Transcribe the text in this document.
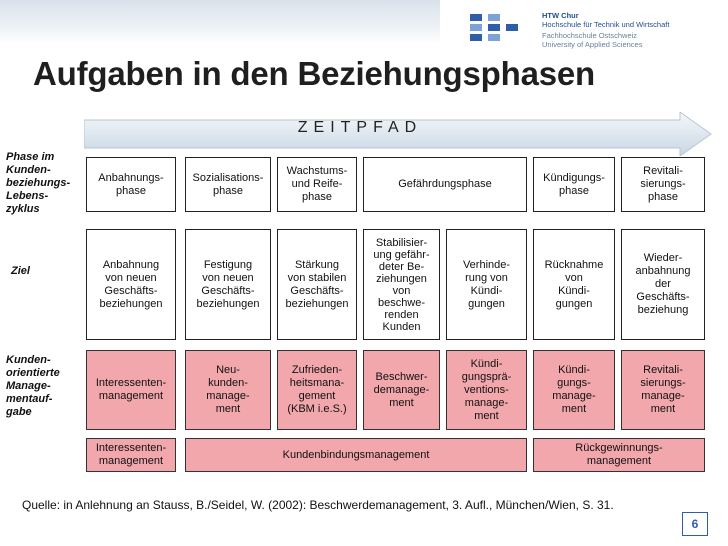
HTW Chur
Hochschule für Technik und Wirtschaft
Fachhochschule Ostschweiz
University of Applied Sciences
Aufgaben in den Beziehungsphasen
ZEITPFAD
Phase im
Kunden-
beziehungs-
Lebens-
zyklus
Ziel
Kunden-
orientierte
Manage-
mentauf-
gabe
Anbahnungs-
phase
Sozialisations-
phase
Wachstums-
und Reife-
phase
Gefährdungsphase
Kündigungs-
phase
Revitali-
sierungs-
phase
Anbahnung
von neuen
Geschäfts-
beziehungen
Festigung
von neuen
Geschäfts-
beziehungen
Stärkung
von stabilen
Geschäfts-
beziehungen
Stabilisier-
ung gefähr-
deter Be-
ziehungen
von
beschwe-
renden
Kunden
Verhinde-
rung von
Kündi-
gungen
Rücknahme
von
Kündi-
gungen
Wieder-
anbahnung
der
Geschäfts-
beziehung
Interessenten-
management
Neu-
kunden-
manage-
ment
Zufrieden-
heitsmana-
gement
(KBM i.e.S.)
Beschwer-
demanage-
ment
Kündi-
gungsprä-
ventions-
manage-
ment
Kündi-
gungs-
manage-
ment
Revitali-
sierungs-
manage-
ment
Interessenten-
management
Kundenbindungsmanagement
Rückgewinnungs-
management
Quelle: in Anlehnung an Stauss, B./Seidel, W. (2002): Beschwerdemanagement, 3. Aufl., München/Wien, S. 31.
6
